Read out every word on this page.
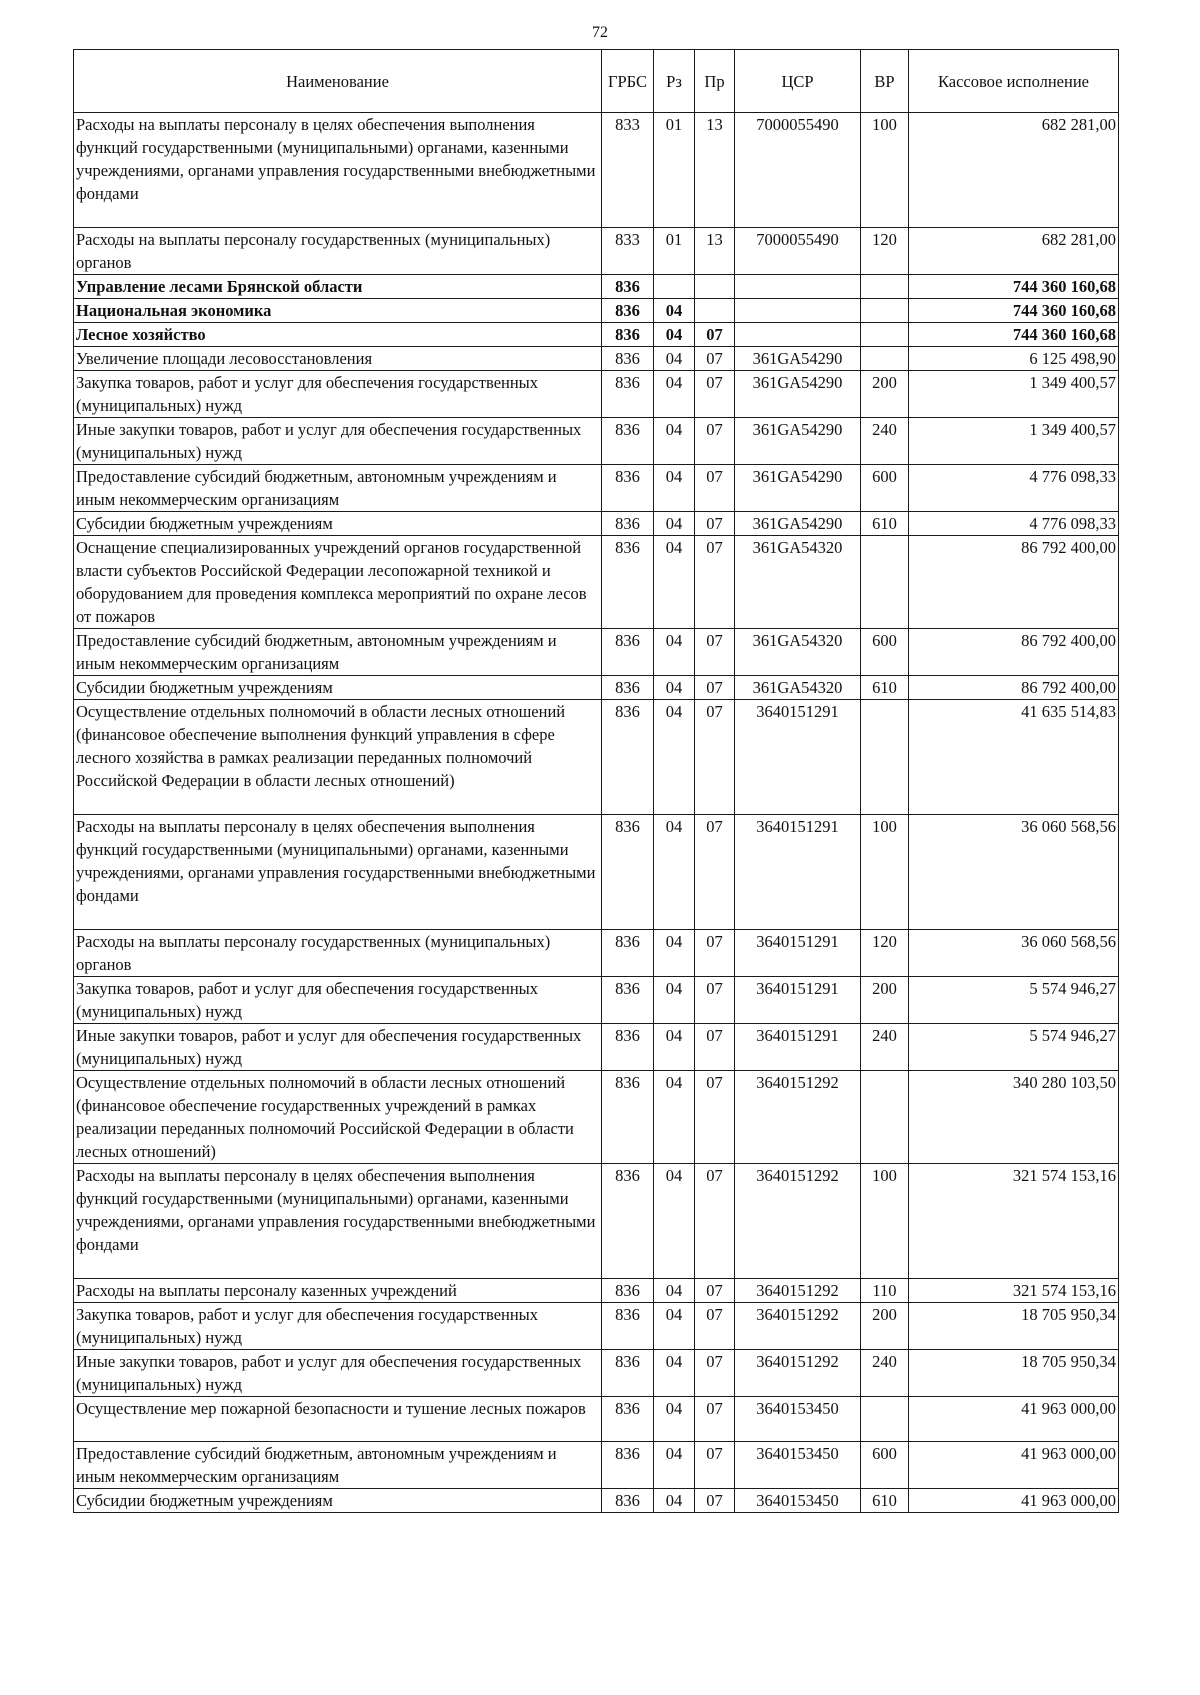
72
Наименование	ГРБС	Рз	Пр	ЦСР	ВР	Кассовое исполнение
Расходы на выплаты персоналу в целях обеспечения выполнения функций государственными (муниципальными) органами, казенными учреждениями, органами управления государственными внебюджетными фондами	833	01	13	7000055490	100	682 281,00
Расходы на выплаты персоналу государственных (муниципальных) органов	833	01	13	7000055490	120	682 281,00
Управление лесами Брянской области	836					744 360 160,68
Национальная экономика	836	04				744 360 160,68
Лесное хозяйство	836	04	07			744 360 160,68
Увеличение площади лесовосстановления	836	04	07	361GA54290		6 125 498,90
Закупка товаров, работ и услуг для обеспечения государственных (муниципальных) нужд	836	04	07	361GA54290	200	1 349 400,57
Иные закупки товаров, работ и услуг для обеспечения государственных (муниципальных) нужд	836	04	07	361GA54290	240	1 349 400,57
Предоставление субсидий бюджетным, автономным учреждениям и иным некоммерческим организациям	836	04	07	361GA54290	600	4 776 098,33
Субсидии бюджетным учреждениям	836	04	07	361GA54290	610	4 776 098,33
Оснащение специализированных учреждений органов государственной власти субъектов Российской Федерации лесопожарной техникой и оборудованием для проведения комплекса мероприятий по охране лесов от пожаров	836	04	07	361GA54320		86 792 400,00
Предоставление субсидий бюджетным, автономным учреждениям и иным некоммерческим организациям	836	04	07	361GA54320	600	86 792 400,00
Субсидии бюджетным учреждениям	836	04	07	361GA54320	610	86 792 400,00
Осуществление отдельных полномочий в области лесных отношений (финансовое обеспечение выполнения функций управления в сфере лесного хозяйства в рамках реализации переданных полномочий Российской Федерации в области лесных отношений)	836	04	07	3640151291		41 635 514,83
Расходы на выплаты персоналу в целях обеспечения выполнения функций государственными (муниципальными) органами, казенными учреждениями, органами управления государственными внебюджетными фондами	836	04	07	3640151291	100	36 060 568,56
Расходы на выплаты персоналу государственных (муниципальных) органов	836	04	07	3640151291	120	36 060 568,56
Закупка товаров, работ и услуг для обеспечения государственных (муниципальных) нужд	836	04	07	3640151291	200	5 574 946,27
Иные закупки товаров, работ и услуг для обеспечения государственных (муниципальных) нужд	836	04	07	3640151291	240	5 574 946,27
Осуществление отдельных полномочий в области лесных отношений (финансовое обеспечение государственных учреждений в рамках реализации переданных полномочий Российской Федерации в области лесных отношений)	836	04	07	3640151292		340 280 103,50
Расходы на выплаты персоналу в целях обеспечения выполнения функций государственными (муниципальными) органами, казенными учреждениями, органами управления государственными внебюджетными фондами	836	04	07	3640151292	100	321 574 153,16
Расходы на выплаты персоналу казенных учреждений	836	04	07	3640151292	110	321 574 153,16
Закупка товаров, работ и услуг для обеспечения государственных (муниципальных) нужд	836	04	07	3640151292	200	18 705 950,34
Иные закупки товаров, работ и услуг для обеспечения государственных (муниципальных) нужд	836	04	07	3640151292	240	18 705 950,34
Осуществление мер пожарной безопасности и тушение лесных пожаров	836	04	07	3640153450		41 963 000,00
Предоставление субсидий бюджетным, автономным учреждениям и иным некоммерческим организациям	836	04	07	3640153450	600	41 963 000,00
Субсидии бюджетным учреждениям	836	04	07	3640153450	610	41 963 000,00
